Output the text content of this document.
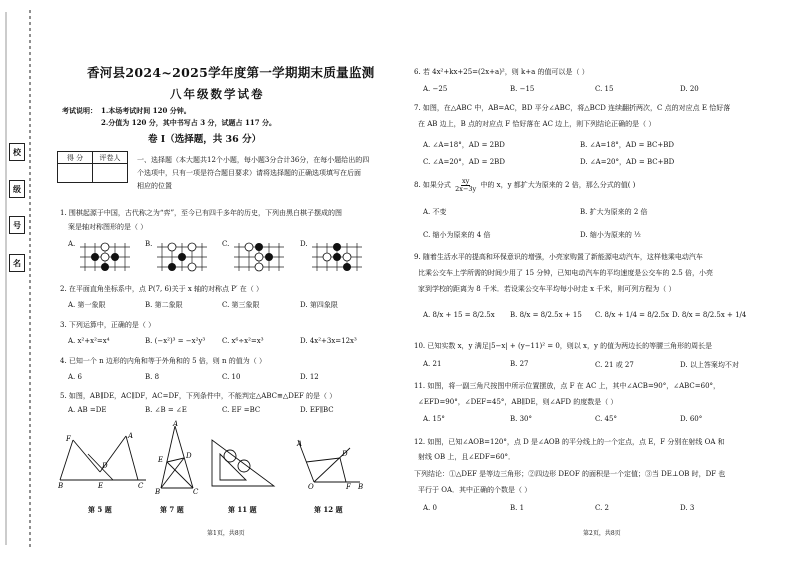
校
级
号
名
香河县2024~2025学年度第一学期期末质量监测
八年级数学试卷
考试说明： 1.本场考试时间 120 分钟。
2.分值为 120 分，其中书写占 3 分，试题占 117 分。
卷 Ⅰ（选择题，共 36 分）
得 分	评卷人
	一、选择题（本大题共12个小题，每小题3分合计36分，在每小题给出的四
个选项中，只有一项是符合题目要求）请将选择题的正确选项填写在后面
相应的位置
1. 围棋起源于中国，古代称之为“弈”，至今已有四千多年的历史，下列由黑白棋子摆成的图
案是轴对称图形的是（ ）
A.	B.	C.	D.
2. 在平面直角坐标系中，点 P(7, 6)关于 x 轴的对称点 P′ 在（ ）
A. 第一象限	B. 第二象限	C. 第三象限	D. 第四象限
3. 下列运算中，正确的是（ ）
A. x²+x²=x⁴	B. (−x²)³ = −x²y³ C. x⁶÷x²=x³	D. 4x²+3x=12x³
4. 已知一个 n 边形的内角和等于外角和的 5 倍，则 n 的值为（ ）
A. 6	B. 8	C. 10	D. 12
5. 如图，AB∥DE，AC∥DF，AC=DF，下列条件中，不能判定△ABC≌△DEF 的是（ ）
A. AB =DE	B. ∠B = ∠E	C. EF =BC	D. EF∥BC
F	A
B	C
E
D
A
B
D
C
E
O
D
F
A
B
第 5 题	第 7 题	第 11 题	第 12 题
第1页，共8页
6. 若 4x²+kx+25=(2x+a)²，则 k+a 的值可以是（ ）
A. −25	B. −15	C. 15	D. 20
7. 如图，在△ABC 中，AB=AC，BD 平分∠ABC，将△BCD 连续翻折两次，C 点的对应点 E 恰好落
在 AB 边上，B 点的对应点 F 恰好落在 AC 边上，则下列结论正确的是（ ）
A. ∠A=18°，AD = 2BD	B. ∠A=18°，AD = BC+BD
C. ∠A=20°，AD = 2BD	D. ∠A=20°，AD = BC+BD
8. 如果分式 $\frac{xy}{2x-3y}$ 中的 x，y 都扩大为原来的 2 倍，那么分式的值( )
A. 不变	B. 扩大为原来的 2 倍
C. 缩小为原来的 4 倍	D. 缩小为原来的 ½
9. 随着生活水平的提高和环保意识的增强，小亮家购置了新能源电动汽车，这样他乘电动汽车
比乘公交车上学所需的时间少用了 15 分钟，已知电动汽车的平均速度是公交车的 2.5 倍，小亮
家到学校的距离为 8 千米．若设乘公交车平均每小时走 x 千米，则可列方程为（ ）
A. 8/x + 15 = 8/2.5x B. 8/x = 8/2.5x + 15 C. 8/x + 1/4 = 8/2.5x D. 8/x = 8/2.5x + 1/4
10. 已知实数 x，y 满足|5−x| + (y−11)² = 0，则以 x，y 的值为两边长的等腰三角形的周长是
A. 21	B. 27	C. 21 或 27	D. 以上答案均不对
11. 如图，将一副三角尺按图中所示位置摆放，点 F 在 AC 上，其中∠ACB=90°，∠ABC=60°，
∠EFD=90°，∠DEF=45°，AB∥DE，则∠AFD 的度数是（ ）
A. 15°	B. 30°	C. 45°	D. 60°
12. 如图，已知∠AOB=120°，点 D 是∠AOB 的平分线上的一个定点，点 E，F 分别在射线 OA 和
射线 OB 上，且∠EDF=60°．
下列结论：①△DEF 是等边三角形；②四边形 DEOF 的面积是一个定值；③当 DE⊥OB 时，DF 也
平行于 OA．其中正确的个数是（ ）
A. 0	B. 1	C. 2	D. 3
第2页，共8页
